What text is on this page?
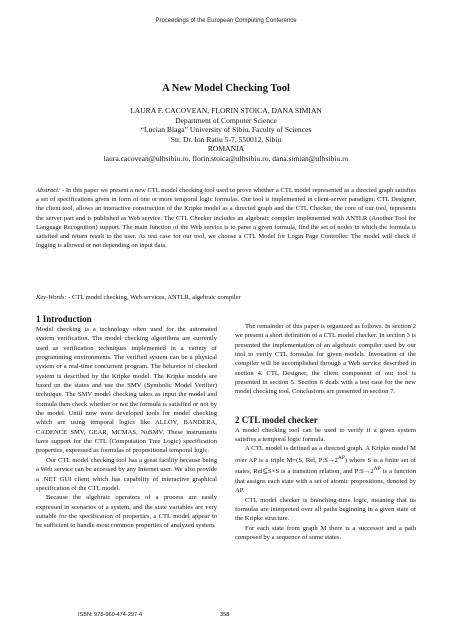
Proceedings of the European Computing Conference
A New Model Checking Tool
LAURA F. CACOVEAN, FLORIN STOICA, DANA SIMIAN
Department of Computer Science
“Lucian Blaga” University of Sibiu, Faculty of Sciences
Str. Dr. Ion Ratiu 5-7, 550012, Sibiu
ROMANIA
laura.cacovean@ulbsibiu.ro, florin.stoica@ulbsibiu.ro, dana.simian@ulbsibiu.ro
Abstract: - In this paper we present a new CTL model checking tool used to prove whether a CTL model represented as a directed graph satisfies a set of specifications given in form of one or more temporal logic formulas. Our tool is implemented in client-server paradigm: CTL Designer, the client tool, allows an interactive construction of the Kripke model as a directed graph and the CTL Checker, the core of our tool, represents the server part and is published as Web service. The CTL Checker includes an algebraic compiler implemented with ANTLR (Another Tool for Language Recognition) support. The main function of the Web service is to parse a given formula, find the set of nodes in which the formula is satisfied and return result to the user. As test case for our tool, we choose a CTL Model for Login Page Controller. The model will check if logging is allowed or not depending on input data.
Key-Words: - CTL model checking, Web services, ANTLR, algebraic compiler
1 Introduction

Model checking is a technology often used for the automated system verification. The model checking algorithms are currently used as verification techniques implemented in a variety of programming environments. The verified system can be a physical system or a real-time concurrent program. The behavior of checked system is described by the Kripke model. The Kripke models are based on the states and use the SMV (Symbolic Model Verifier) technique. The SMV model checking takes as input the model and formula then check whether or not the formula is satisfied or not by the model. Until now were developed tools for model checking which are using temporal logics like ALLOY, BANDERA, CADENCE SMV, GEAR, MCMAS, NuSMV. These instruments have support for the CTL (Computation Tree Logic) specification properties, expressed as formulas of propositional temporal logic.

Our CTL model checking tool has a great facility because being a Web service can be accessed by any Internet user. We also provide a .NET GUI client which has capability of interactive graphical specification of the CTL model.

Because the algebraic operators of a process are easily expressed in scenarios of a system, and the state variables are very suitable for the specification of properties, a CTL model appear to be sufficient to handle most common properties of analyzed system.

The remainder of this paper is organized as follows. In section 2 we present a short definition of a CTL model checker. In section 3 is presented the implementation of an algebraic compiler used by our tool to verify CTL formulas for given models. Invocation of the compiler will be accomplished through a Web service described in section 4. CTL Designer, the client component of our tool is presented in section 5. Section 6 deals with a test case for the new model checking tool. Conclusions are presented in section 7.

2 CTL model checker

A model checking tool can be used to verify if a given system satisfies a temporal logic formula.

A CTL model is defined as a directed graph. A Kripke model M over AP is a triple M=(S, Rel, $P:S\to 2^{AP}$) where S is a finite set of states, Rel⊆S×S is a transition relation, and $P:S\to 2^{AP}$ is a function that assigns each state with a set of atomic propositions, denoted by AP.

CTL model checker is branching-time logic, meaning that its formulas are interpreted over all paths beginning in a given state of the Kripke structure.

For each state from graph M there is a successor and a path composed by a sequence of some states.

ISBN: 978-960-474-297-4	358
